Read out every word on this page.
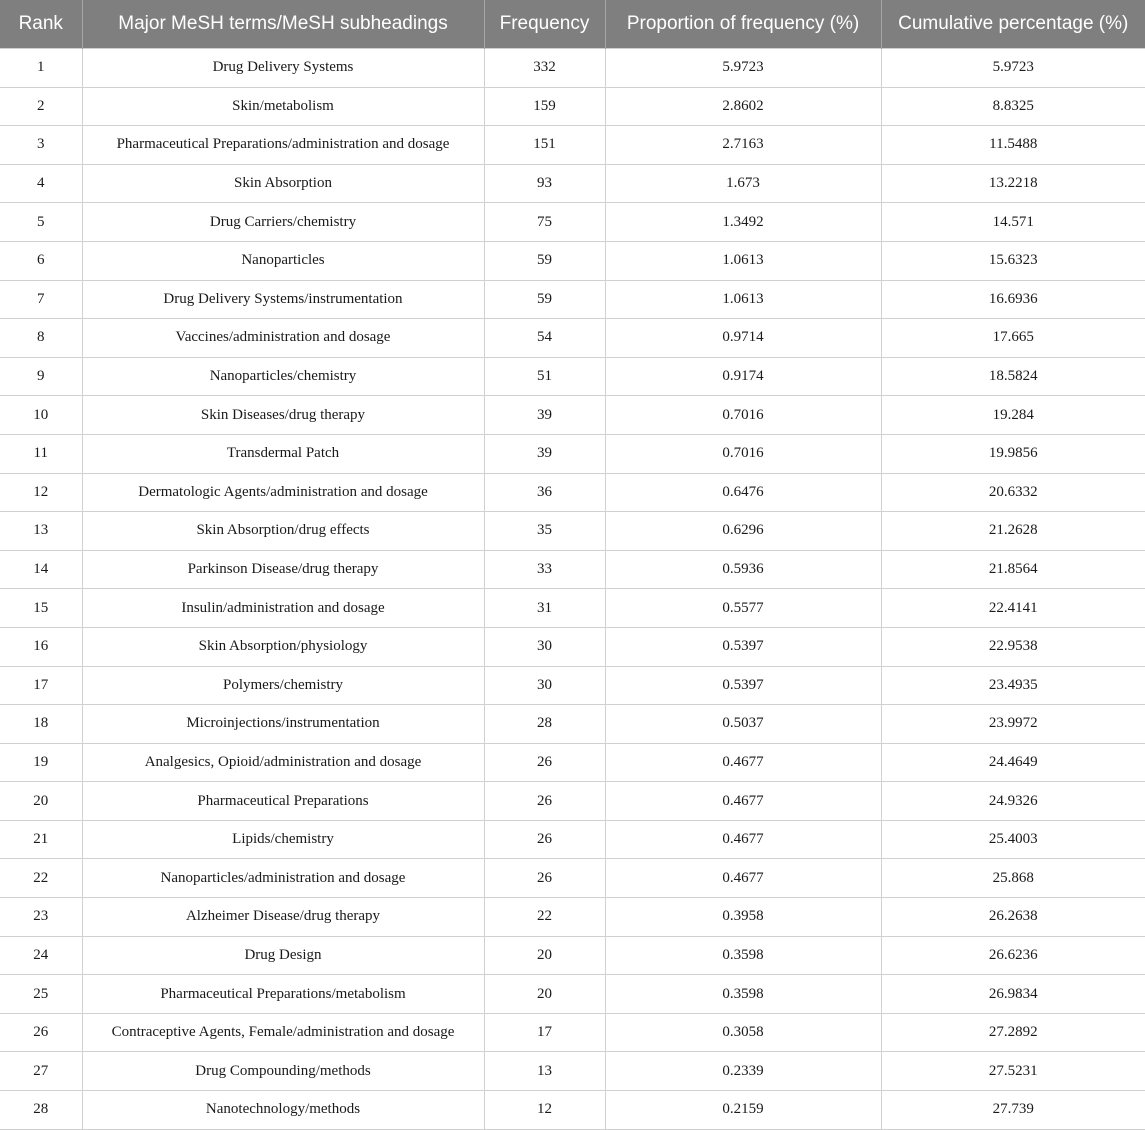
Rank	Major MeSH terms/MeSH subheadings	Frequency	Proportion of frequency (%)	Cumulative percentage (%)
1	Drug Delivery Systems	332	5.9723	5.9723
2	Skin/metabolism	159	2.8602	8.8325
3	Pharmaceutical Preparations/administration and dosage	151	2.7163	11.5488
4	Skin Absorption	93	1.673	13.2218
5	Drug Carriers/chemistry	75	1.3492	14.571
6	Nanoparticles	59	1.0613	15.6323
7	Drug Delivery Systems/instrumentation	59	1.0613	16.6936
8	Vaccines/administration and dosage	54	0.9714	17.665
9	Nanoparticles/chemistry	51	0.9174	18.5824
10	Skin Diseases/drug therapy	39	0.7016	19.284
11	Transdermal Patch	39	0.7016	19.9856
12	Dermatologic Agents/administration and dosage	36	0.6476	20.6332
13	Skin Absorption/drug effects	35	0.6296	21.2628
14	Parkinson Disease/drug therapy	33	0.5936	21.8564
15	Insulin/administration and dosage	31	0.5577	22.4141
16	Skin Absorption/physiology	30	0.5397	22.9538
17	Polymers/chemistry	30	0.5397	23.4935
18	Microinjections/instrumentation	28	0.5037	23.9972
19	Analgesics, Opioid/administration and dosage	26	0.4677	24.4649
20	Pharmaceutical Preparations	26	0.4677	24.9326
21	Lipids/chemistry	26	0.4677	25.4003
22	Nanoparticles/administration and dosage	26	0.4677	25.868
23	Alzheimer Disease/drug therapy	22	0.3958	26.2638
24	Drug Design	20	0.3598	26.6236
25	Pharmaceutical Preparations/metabolism	20	0.3598	26.9834
26	Contraceptive Agents, Female/administration and dosage	17	0.3058	27.2892
27	Drug Compounding/methods	13	0.2339	27.5231
28	Nanotechnology/methods	12	0.2159	27.739
